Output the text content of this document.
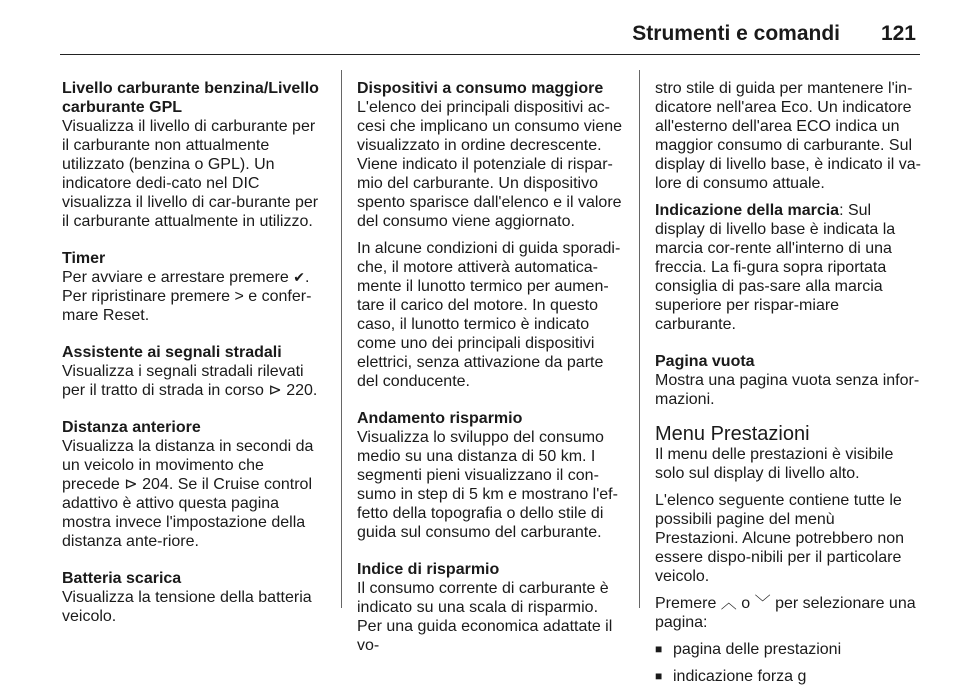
Strumenti e comandi 121
Livello carburante benzina/Livello carburante GPL

Visualizza il livello di carburante per il carburante non attualmente utilizzato (benzina o GPL). Un indicatore dedi-cato nel DIC visualizza il livello di car-burante per il carburante attualmente in utilizzo.

Timer

Per avviare e arrestare premere ✔. Per ripristinare premere > e confer-mare Reset.

Assistente ai segnali stradali

Visualizza i segnali stradali rilevati per il tratto di strada in corso ⊳ 220.

Distanza anteriore

Visualizza la distanza in secondi da un veicolo in movimento che precede ⊳ 204. Se il Cruise control adattivo è attivo questa pagina mostra invece l'impostazione della distanza ante-riore.

Batteria scarica

Visualizza la tensione della batteria veicolo.

Dispositivi a consumo maggiore

L'elenco dei principali dispositivi ac-cesi che implicano un consumo viene visualizzato in ordine decrescente. Viene indicato il potenziale di rispar-mio del carburante. Un dispositivo spento sparisce dall'elenco e il valore del consumo viene aggiornato.

In alcune condizioni di guida sporadi-che, il motore attiverà automatica-mente il lunotto termico per aumen-tare il carico del motore. In questo caso, il lunotto termico è indicato come uno dei principali dispositivi elettrici, senza attivazione da parte del conducente.

Andamento risparmio

Visualizza lo sviluppo del consumo medio su una distanza di 50 km. I segmenti pieni visualizzano il con-sumo in step di 5 km e mostrano l'ef-fetto della topografia o dello stile di guida sul consumo del carburante.

Indice di risparmio

Il consumo corrente di carburante è indicato su una scala di risparmio. Per una guida economica adattate il vo-

stro stile di guida per mantenere l'in-dicatore nell'area Eco. Un indicatore all'esterno dell'area ECO indica un maggior consumo di carburante. Sul display di livello base, è indicato il va-lore di consumo attuale.

Indicazione della marcia: Sul display di livello base è indicata la marcia cor-rente all'interno di una freccia. La fi-gura sopra riportata consiglia di pas-sare alla marcia superiore per rispar-miare carburante.

Pagina vuota

Mostra una pagina vuota senza infor-mazioni.

Menu Prestazioni

Il menu delle prestazioni è visibile solo sul display di livello alto.

L'elenco seguente contiene tutte le possibili pagine del menù Prestazioni. Alcune potrebbero non essere dispo-nibili per il particolare veicolo.

Premere ︿ o ﹀ per selezionare una pagina:

■ pagina delle prestazioni
■ indicazione forza g
